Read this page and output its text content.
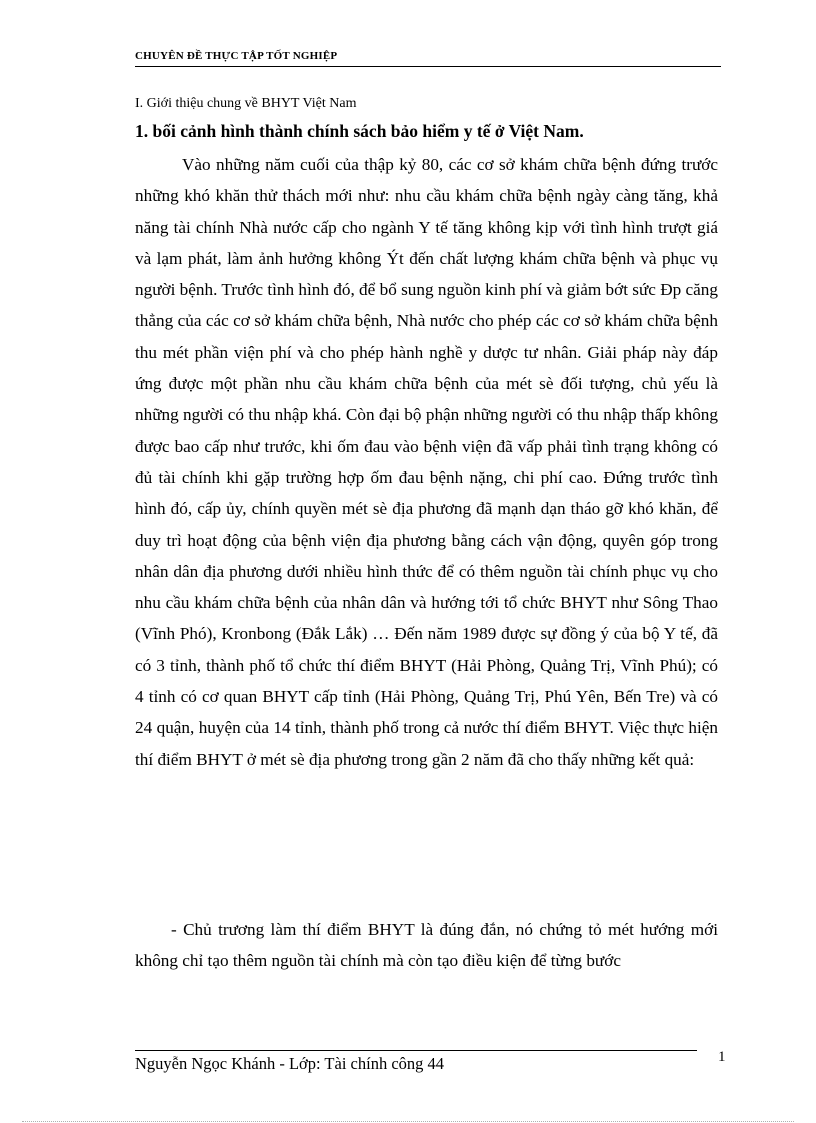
CHUYÊN ĐỀ THỰC TẬP TỐT NGHIỆP
I. Giới thiệu chung về BHYT Việt Nam
1. bối cảnh hình thành chính sách bảo hiểm y tế ở Việt Nam.

Vào những năm cuối của thập kỷ 80, các cơ sở khám chữa bệnh đứng trước những khó khăn thử thách mới như: nhu cầu khám chữa bệnh ngày càng tăng, khả năng tài chính Nhà nước cấp cho ngành Y tế tăng không kịp với tình hình trượt giá và lạm phát, làm ảnh hưởng không Ýt đến chất lượng khám chữa bệnh và phục vụ người bệnh. Trước tình hình đó, để bổ sung nguồn kinh phí và giảm bớt sức Ðp căng thẳng của các cơ sở khám chữa bệnh, Nhà nước cho phép các cơ sở khám chữa bệnh thu mét phần viện phí và cho phép hành nghề y dược tư nhân. Giải pháp này đáp ứng được một phần nhu cầu khám chữa bệnh của mét sè đối tượng, chủ yếu là những người có thu nhập khá. Còn đại bộ phận những người có thu nhập thấp không được bao cấp như trước, khi ốm đau vào bệnh viện đã vấp phải tình trạng không có đủ tài chính khi gặp trường hợp ốm đau bệnh nặng, chi phí cao. Đứng trước tình hình đó, cấp ủy, chính quyền mét sè địa phương đã mạnh dạn tháo gỡ khó khăn, để duy trì hoạt động của bệnh viện địa phương bằng cách vận động, quyên góp trong nhân dân địa phương dưới nhiều hình thức để có thêm nguồn tài chính phục vụ cho nhu cầu khám chữa bệnh của nhân dân và hướng tới tổ chức BHYT như Sông Thao (Vĩnh Phó), Kronbong (Đắk Lắk) … Đến năm 1989 được sự đồng ý của bộ Y tế, đã có 3 tỉnh, thành phố tổ chức thí điểm BHYT (Hải Phòng, Quảng Trị, Vĩnh Phú); có 4 tỉnh có cơ quan BHYT cấp tỉnh (Hải Phòng, Quảng Trị, Phú Yên, Bến Tre) và có 24 quận, huyện của 14 tỉnh, thành phố trong cả nước thí điểm BHYT. Việc thực hiện thí điểm BHYT ở mét sè địa phương trong gần 2 năm đã cho thấy những kết quả:

- Chủ trương làm thí điểm BHYT là đúng đắn, nó chứng tỏ mét hướng mới không chỉ tạo thêm nguồn tài chính mà còn tạo điều kiện để từng bước

Nguyễn Ngọc Khánh - Lớp: Tài chính công 44	1
